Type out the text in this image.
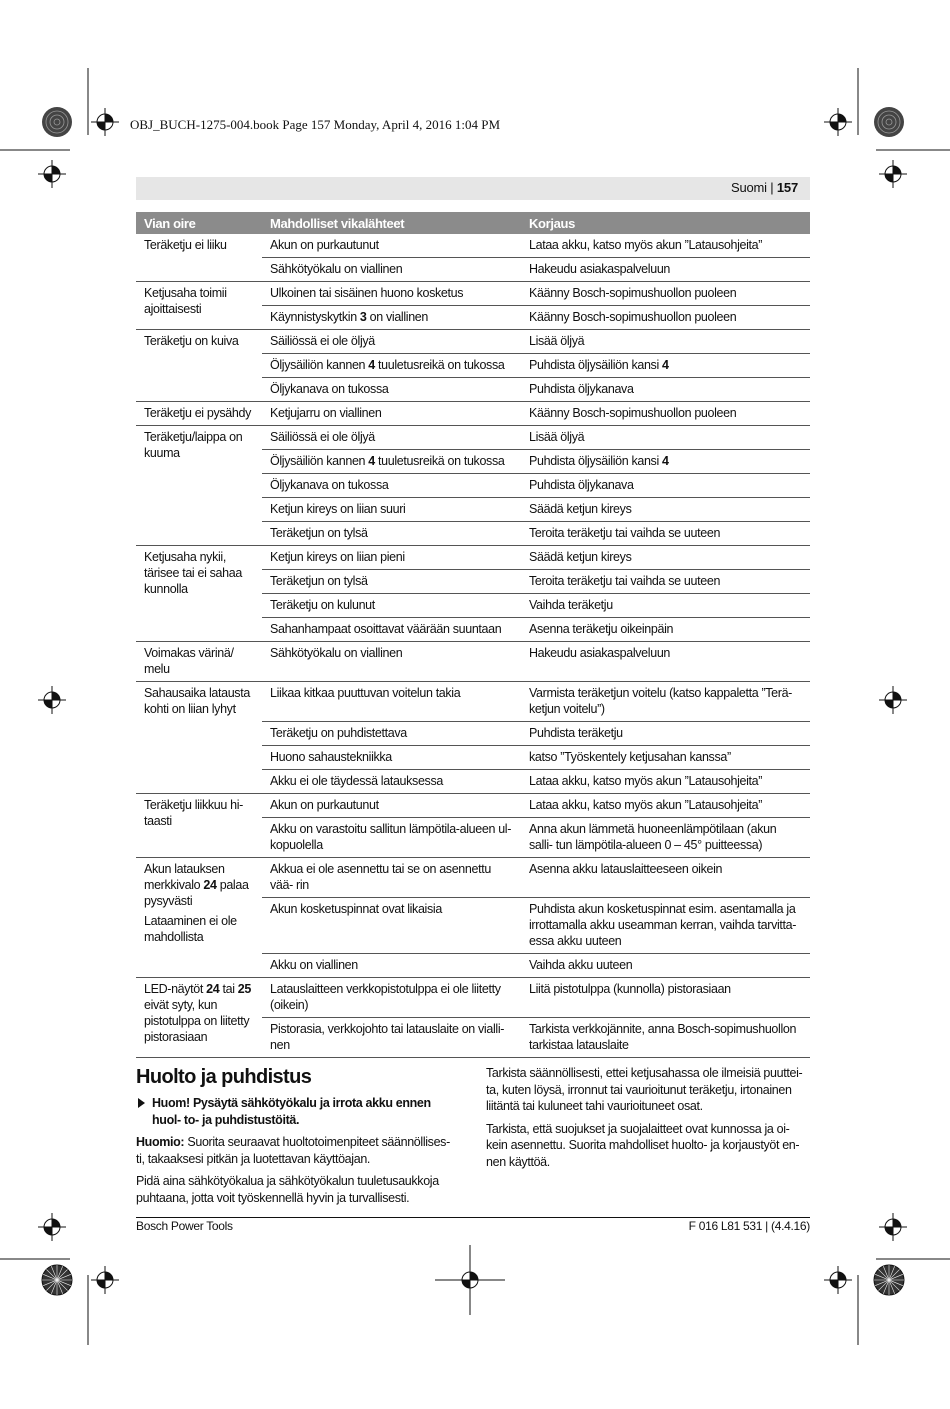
OBJ_BUCH-1275-004.book Page 157 Monday, April 4, 2016 1:04 PM
Suomi | 157
Vian oire	Mahdolliset vikalähteet	Korjaus

Teräketju ei liiku	Akun on purkautunut	Lataa akku, katso myös akun ”Latausohjeita”
	Sähkötyökalu on viallinen	Hakeudu asiakaspalveluun

Ketjusaha toimii ajoittaisesti	Ulkoinen tai sisäinen huono kosketus	Käänny Bosch-sopimushuollon puoleen
	Käynnistyskytkin 3 on viallinen	Käänny Bosch-sopimushuollon puoleen

Teräketju on kuiva	Säiliössä ei ole öljyä	Lisää öljyä
	Öljysäiliön kannen 4 tuuletusreikä on tukossa	Puhdista öljysäiliön kansi 4
	Öljykanava on tukossa	Puhdista öljykanava

Teräketju ei pysähdy	Ketjujarru on viallinen	Käänny Bosch-sopimushuollon puoleen

Teräketju/laippa on kuuma	Säiliössä ei ole öljyä	Lisää öljyä
	Öljysäiliön kannen 4 tuuletusreikä on tukossa	Puhdista öljysäiliön kansi 4
	Öljykanava on tukossa	Puhdista öljykanava
	Ketjun kireys on liian suuri	Säädä ketjun kireys
	Teräketjun on tylsä	Teroita teräketju tai vaihda se uuteen

Ketjusaha nykii, tärisee tai ei sahaa kunnolla	Ketjun kireys on liian pieni	Säädä ketjun kireys
	Teräketjun on tylsä	Teroita teräketju tai vaihda se uuteen
	Teräketju on kulunut	Vaihda teräketju
	Sahanhampaat osoittavat väärään suuntaan	Asenna teräketju oikeinpäin

Voimakas värinä/ melu	Sähkötyökalu on viallinen	Hakeudu asiakaspalveluun

Sahausaika latausta kohti on liian lyhyt	Liikaa kitkaa puuttuvan voitelun takia	Varmista teräketjun voitelu (katso kappaletta ”Terä- ketjun voitelu”)
	Teräketju on puhdistettava	Puhdista teräketju
	Huono sahaustekniikka	katso ”Työskentely ketjusahan kanssa”
	Akku ei ole täydessä latauksessa	Lataa akku, katso myös akun ”Latausohjeita”

Teräketju liikkuu hi- taasti	Akun on purkautunut	Lataa akku, katso myös akun ”Latausohjeita”
	Akku on varastoitu sallitun lämpötila-alueen ul- kopuolella	Anna akun lämmetä huoneenlämpötilaan (akun salli- tun lämpötila-alueen 0 – 45° puitteessa)

Akun latauksen merkkivalo 24 palaa pysyvästi
Lataaminen ei ole mahdollista	Akkua ei ole asennettu tai se on asennettu vää- rin	Asenna akku latauslaitteeseen oikein
	Akun kosketuspinnat ovat likaisia	Puhdista akun kosketuspinnat esim. asentamalla ja irrottamalla akku useamman kerran, vaihda tarvitta- essa akku uuteen
	Akku on viallinen	Vaihda akku uuteen

LED-näytöt 24 tai 25 eivät syty, kun pistotulppa on liitetty pistorasiaan	Latauslaitteen verkkopistotulppa ei ole liitetty (oikein)	Liitä pistotulppa (kunnolla) pistorasiaan
	Pistorasia, verkkojohto tai latauslaite on vialli- nen	Tarkista verkkojännite, anna Bosch-sopimushuollon tarkistaa latauslaite
Huolto ja puhdistus

Huom! Pysäytä sähkötyökalu ja irrota akku ennen huol- to- ja puhdistustöitä.

Huomio: Suorita seuraavat huoltotoimenpiteet säännöllises- ti, takaaksesi pitkän ja luotettavan käyttöajan.

Pidä aina sähkötyökalua ja sähkötyökalun tuuletusaukkoja puhtaana, jotta voit työskennellä hyvin ja turvallisesti.

Tarkista säännöllisesti, ettei ketjusahassa ole ilmeisiä puuttei- ta, kuten löysä, irronnut tai vaurioitunut teräketju, irtonainen liitäntä tai kuluneet tahi vaurioituneet osat.

Tarkista, että suojukset ja suojalaitteet ovat kunnossa ja oi- kein asennettu. Suorita mahdolliset huolto- ja korjaustyöt en- nen käyttöä.

Bosch Power Tools	F 016 L81 531 | (4.4.16)
